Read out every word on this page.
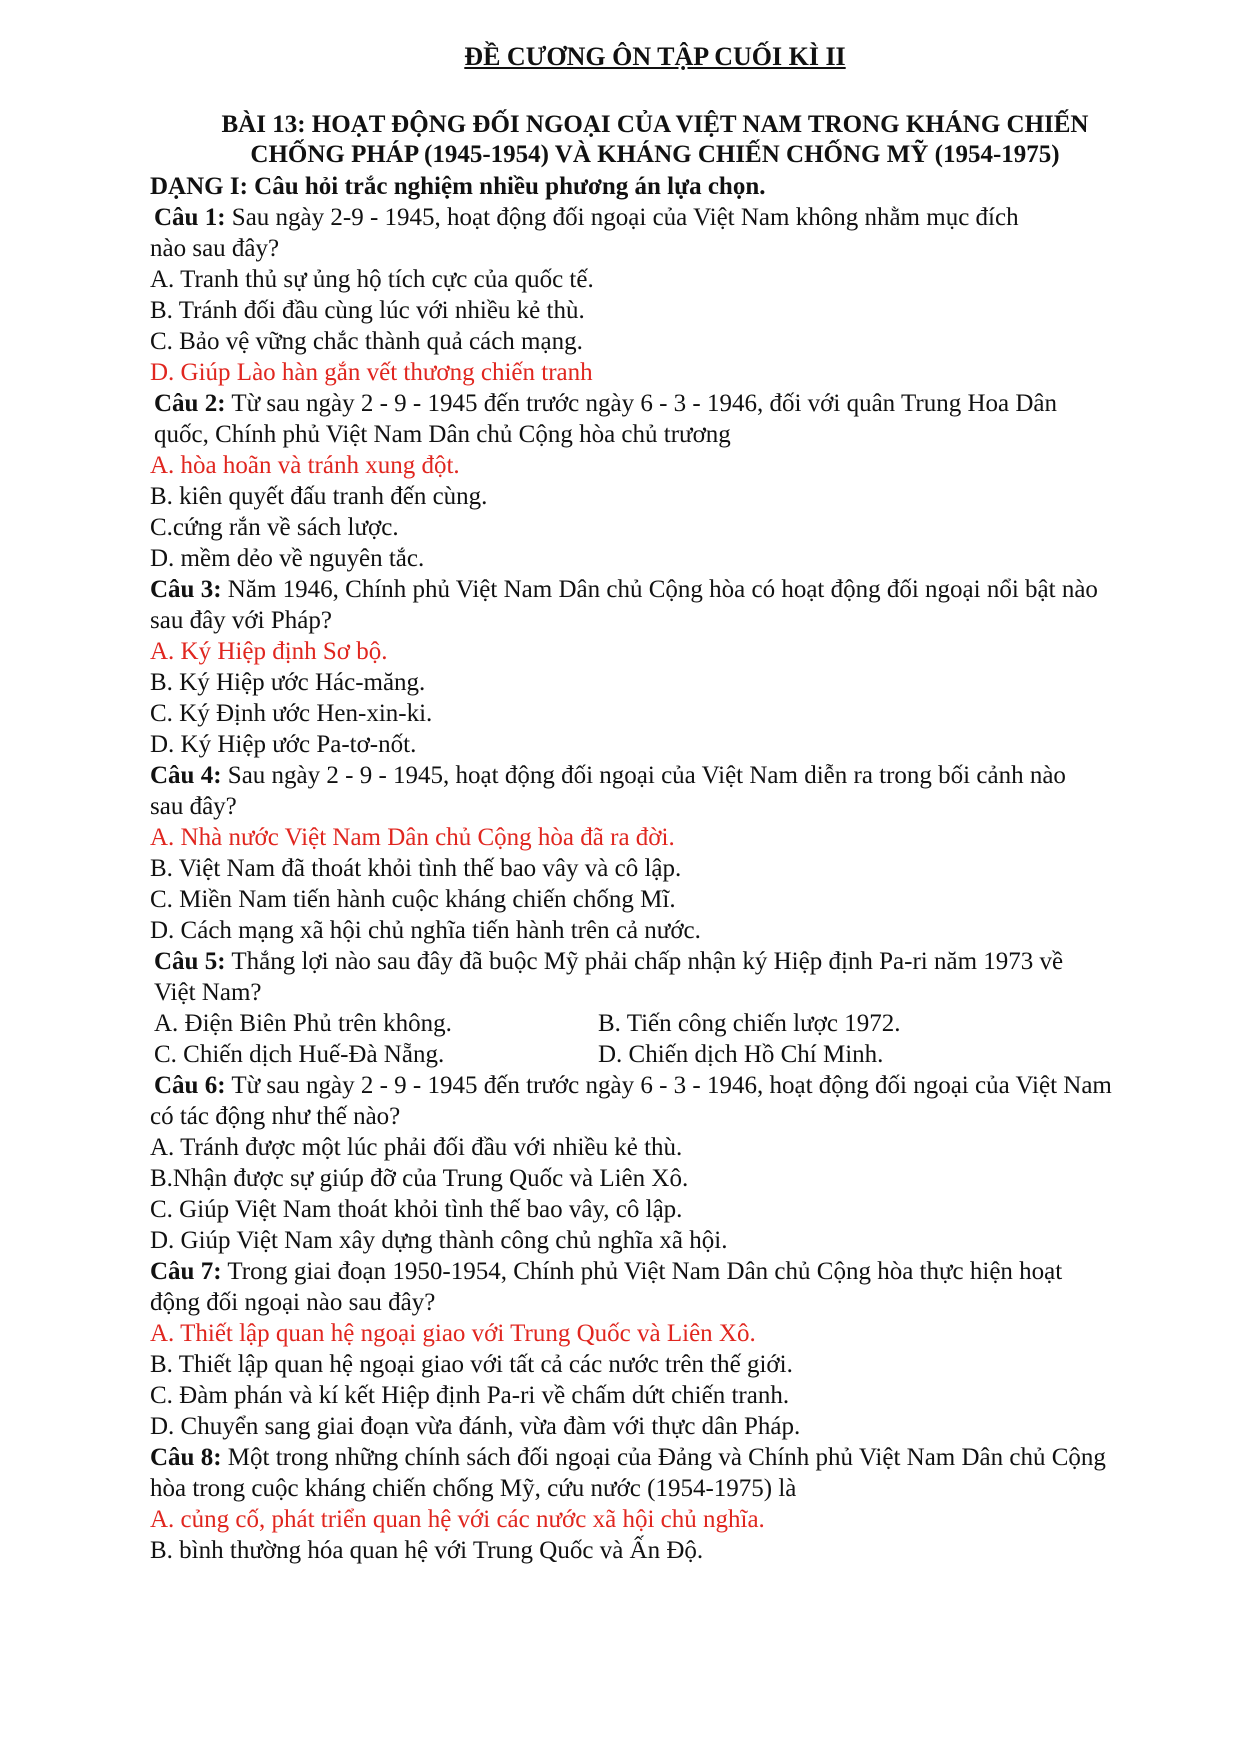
ĐỀ CƯƠNG ÔN TẬP CUỐI KÌ II
BÀI 13: HOẠT ĐỘNG ĐỐI NGOẠI CỦA VIỆT NAM TRONG KHÁNG CHIẾN
CHỐNG PHÁP (1945-1954) VÀ KHÁNG CHIẾN CHỐNG MỸ (1954-1975)
DẠNG I: Câu hỏi trắc nghiệm nhiều phương án lựa chọn.
Câu 1: Sau ngày 2-9 - 1945, hoạt động đối ngoại của Việt Nam không nhằm mục đích
nào sau đây?
A. Tranh thủ sự ủng hộ tích cực của quốc tế.
B. Tránh đối đầu cùng lúc với nhiều kẻ thù.
C. Bảo vệ vững chắc thành quả cách mạng.
D. Giúp Lào hàn gắn vết thương chiến tranh
Câu 2: Từ sau ngày 2 - 9 - 1945 đến trước ngày 6 - 3 - 1946, đối với quân Trung Hoa Dân
quốc, Chính phủ Việt Nam Dân chủ Cộng hòa chủ trương
A. hòa hoãn và tránh xung đột.
B. kiên quyết đấu tranh đến cùng.
C.cứng rắn về sách lược.
D. mềm dẻo về nguyên tắc.
Câu 3: Năm 1946, Chính phủ Việt Nam Dân chủ Cộng hòa có hoạt động đối ngoại nổi bật nào
sau đây với Pháp?
A. Ký Hiệp định Sơ bộ.
B. Ký Hiệp ước Hác-măng.
C. Ký Định ước Hen-xin-ki.
D. Ký Hiệp ước Pa-tơ-nốt.
Câu 4: Sau ngày 2 - 9 - 1945, hoạt động đối ngoại của Việt Nam diễn ra trong bối cảnh nào
sau đây?
A. Nhà nước Việt Nam Dân chủ Cộng hòa đã ra đời.
B. Việt Nam đã thoát khỏi tình thế bao vây và cô lập.
C. Miền Nam tiến hành cuộc kháng chiến chống Mĩ.
D. Cách mạng xã hội chủ nghĩa tiến hành trên cả nước.
Câu 5: Thắng lợi nào sau đây đã buộc Mỹ phải chấp nhận ký Hiệp định Pa-ri năm 1973 về
Việt Nam?
A. Điện Biên Phủ trên không.	B. Tiến công chiến lược 1972.
C. Chiến dịch Huế-Đà Nẵng.	D. Chiến dịch Hồ Chí Minh.
Câu 6: Từ sau ngày 2 - 9 - 1945 đến trước ngày 6 - 3 - 1946, hoạt động đối ngoại của Việt Nam
có tác động như thế nào?
A. Tránh được một lúc phải đối đầu với nhiều kẻ thù.
B.Nhận được sự giúp đỡ của Trung Quốc và Liên Xô.
C. Giúp Việt Nam thoát khỏi tình thế bao vây, cô lập.
D. Giúp Việt Nam xây dựng thành công chủ nghĩa xã hội.
Câu 7: Trong giai đoạn 1950-1954, Chính phủ Việt Nam Dân chủ Cộng hòa thực hiện hoạt
động đối ngoại nào sau đây?
A. Thiết lập quan hệ ngoại giao với Trung Quốc và Liên Xô.
B. Thiết lập quan hệ ngoại giao với tất cả các nước trên thế giới.
C. Đàm phán và kí kết Hiệp định Pa-ri về chấm dứt chiến tranh.
D. Chuyển sang giai đoạn vừa đánh, vừa đàm với thực dân Pháp.
Câu 8: Một trong những chính sách đối ngoại của Đảng và Chính phủ Việt Nam Dân chủ Cộng
hòa trong cuộc kháng chiến chống Mỹ, cứu nước (1954-1975) là
A. củng cố, phát triển quan hệ với các nước xã hội chủ nghĩa.
B. bình thường hóa quan hệ với Trung Quốc và Ấn Độ.
